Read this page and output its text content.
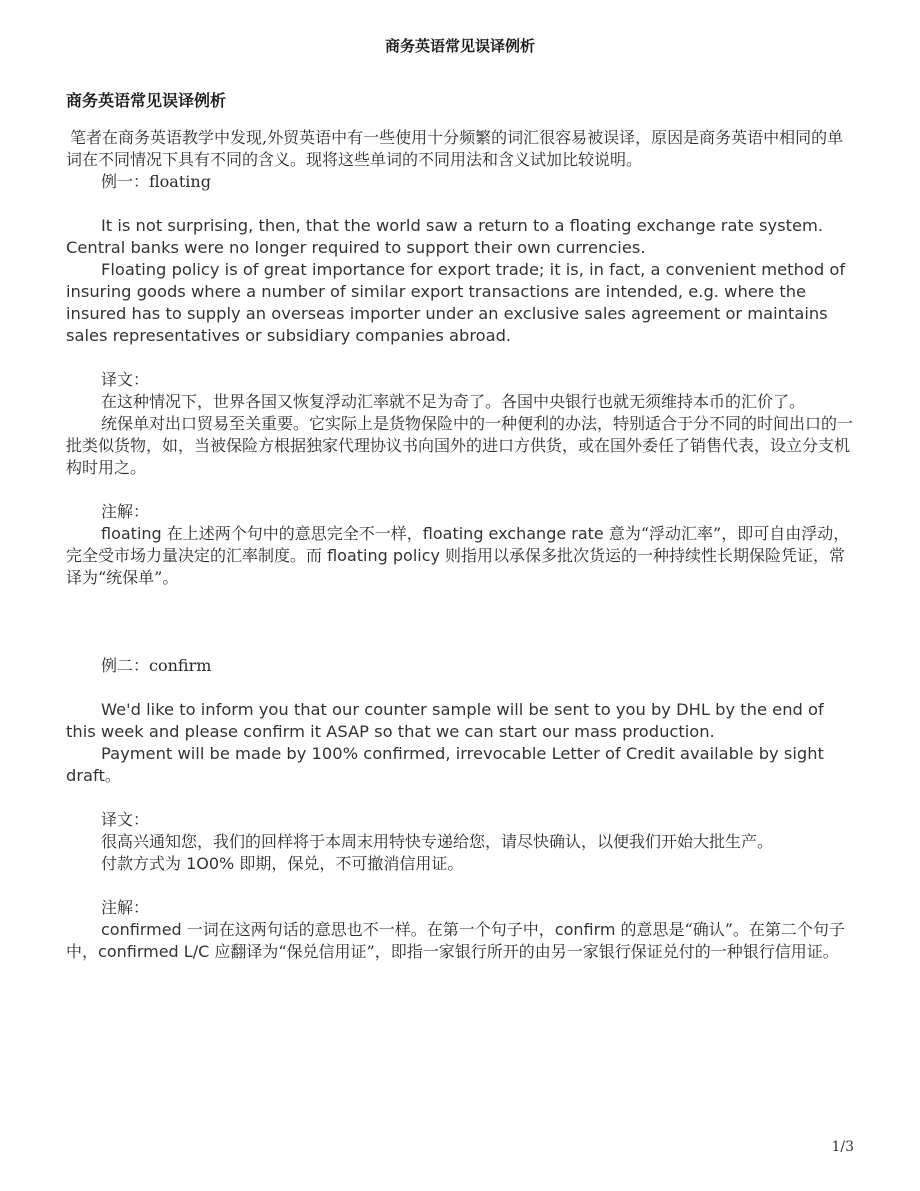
商务英语常见误译例析

商务英语常见误译例析

笔者在商务英语教学中发现,外贸英语中有一些使用十分频繁的词汇很容易被误译，原因是商务英语中相同的单词在不同情况下具有不同的含义。现将这些单词的不同用法和含义试加比较说明。

例一：floating

It is not surprising, then, that the world saw a return to a floating exchange rate system. Central banks were no longer required to support their own currencies.

Floating policy is of great importance for export trade; it is, in fact, a convenient method of insuring goods where a number of similar export transactions are intended, e.g. where the insured has to supply an overseas importer under an exclusive sales agreement or maintains sales representatives or subsidiary companies abroad.

译文：

在这种情况下，世界各国又恢复浮动汇率就不足为奇了。各国中央银行也就无须维持本币的汇价了。

统保单对出口贸易至关重要。它实际上是货物保险中的一种便利的办法，特别适合于分不同的时间出口的一批类似货物，如，当被保险方根据独家代理协议书向国外的进口方供货，或在国外委任了销售代表，设立分支机构时用之。

注解：

floating 在上述两个句中的意思完全不一样，floating exchange rate 意为“浮动汇率”，即可自由浮动，完全受市场力量决定的汇率制度。而 floating policy 则指用以承保多批次货运的一种持续性长期保险凭证，常译为“统保单”。

例二：confirm

We'd like to inform you that our counter sample will be sent to you by DHL by the end of this week and please confirm it ASAP so that we can start our mass production.

Payment will be made by 100% confirmed, irrevocable Letter of Credit available by sight draft。

译文：

很高兴通知您，我们的回样将于本周末用特快专递给您，请尽快确认，以便我们开始大批生产。

付款方式为 1O0% 即期，保兑，不可撤消信用证。

注解：

confirmed 一词在这两句话的意思也不一样。在第一个句子中，confirm 的意思是“确认”。在第二个句子中，confirmed L/C 应翻译为“保兑信用证”，即指一家银行所开的由另一家银行保证兑付的一种银行信用证。

1/3
